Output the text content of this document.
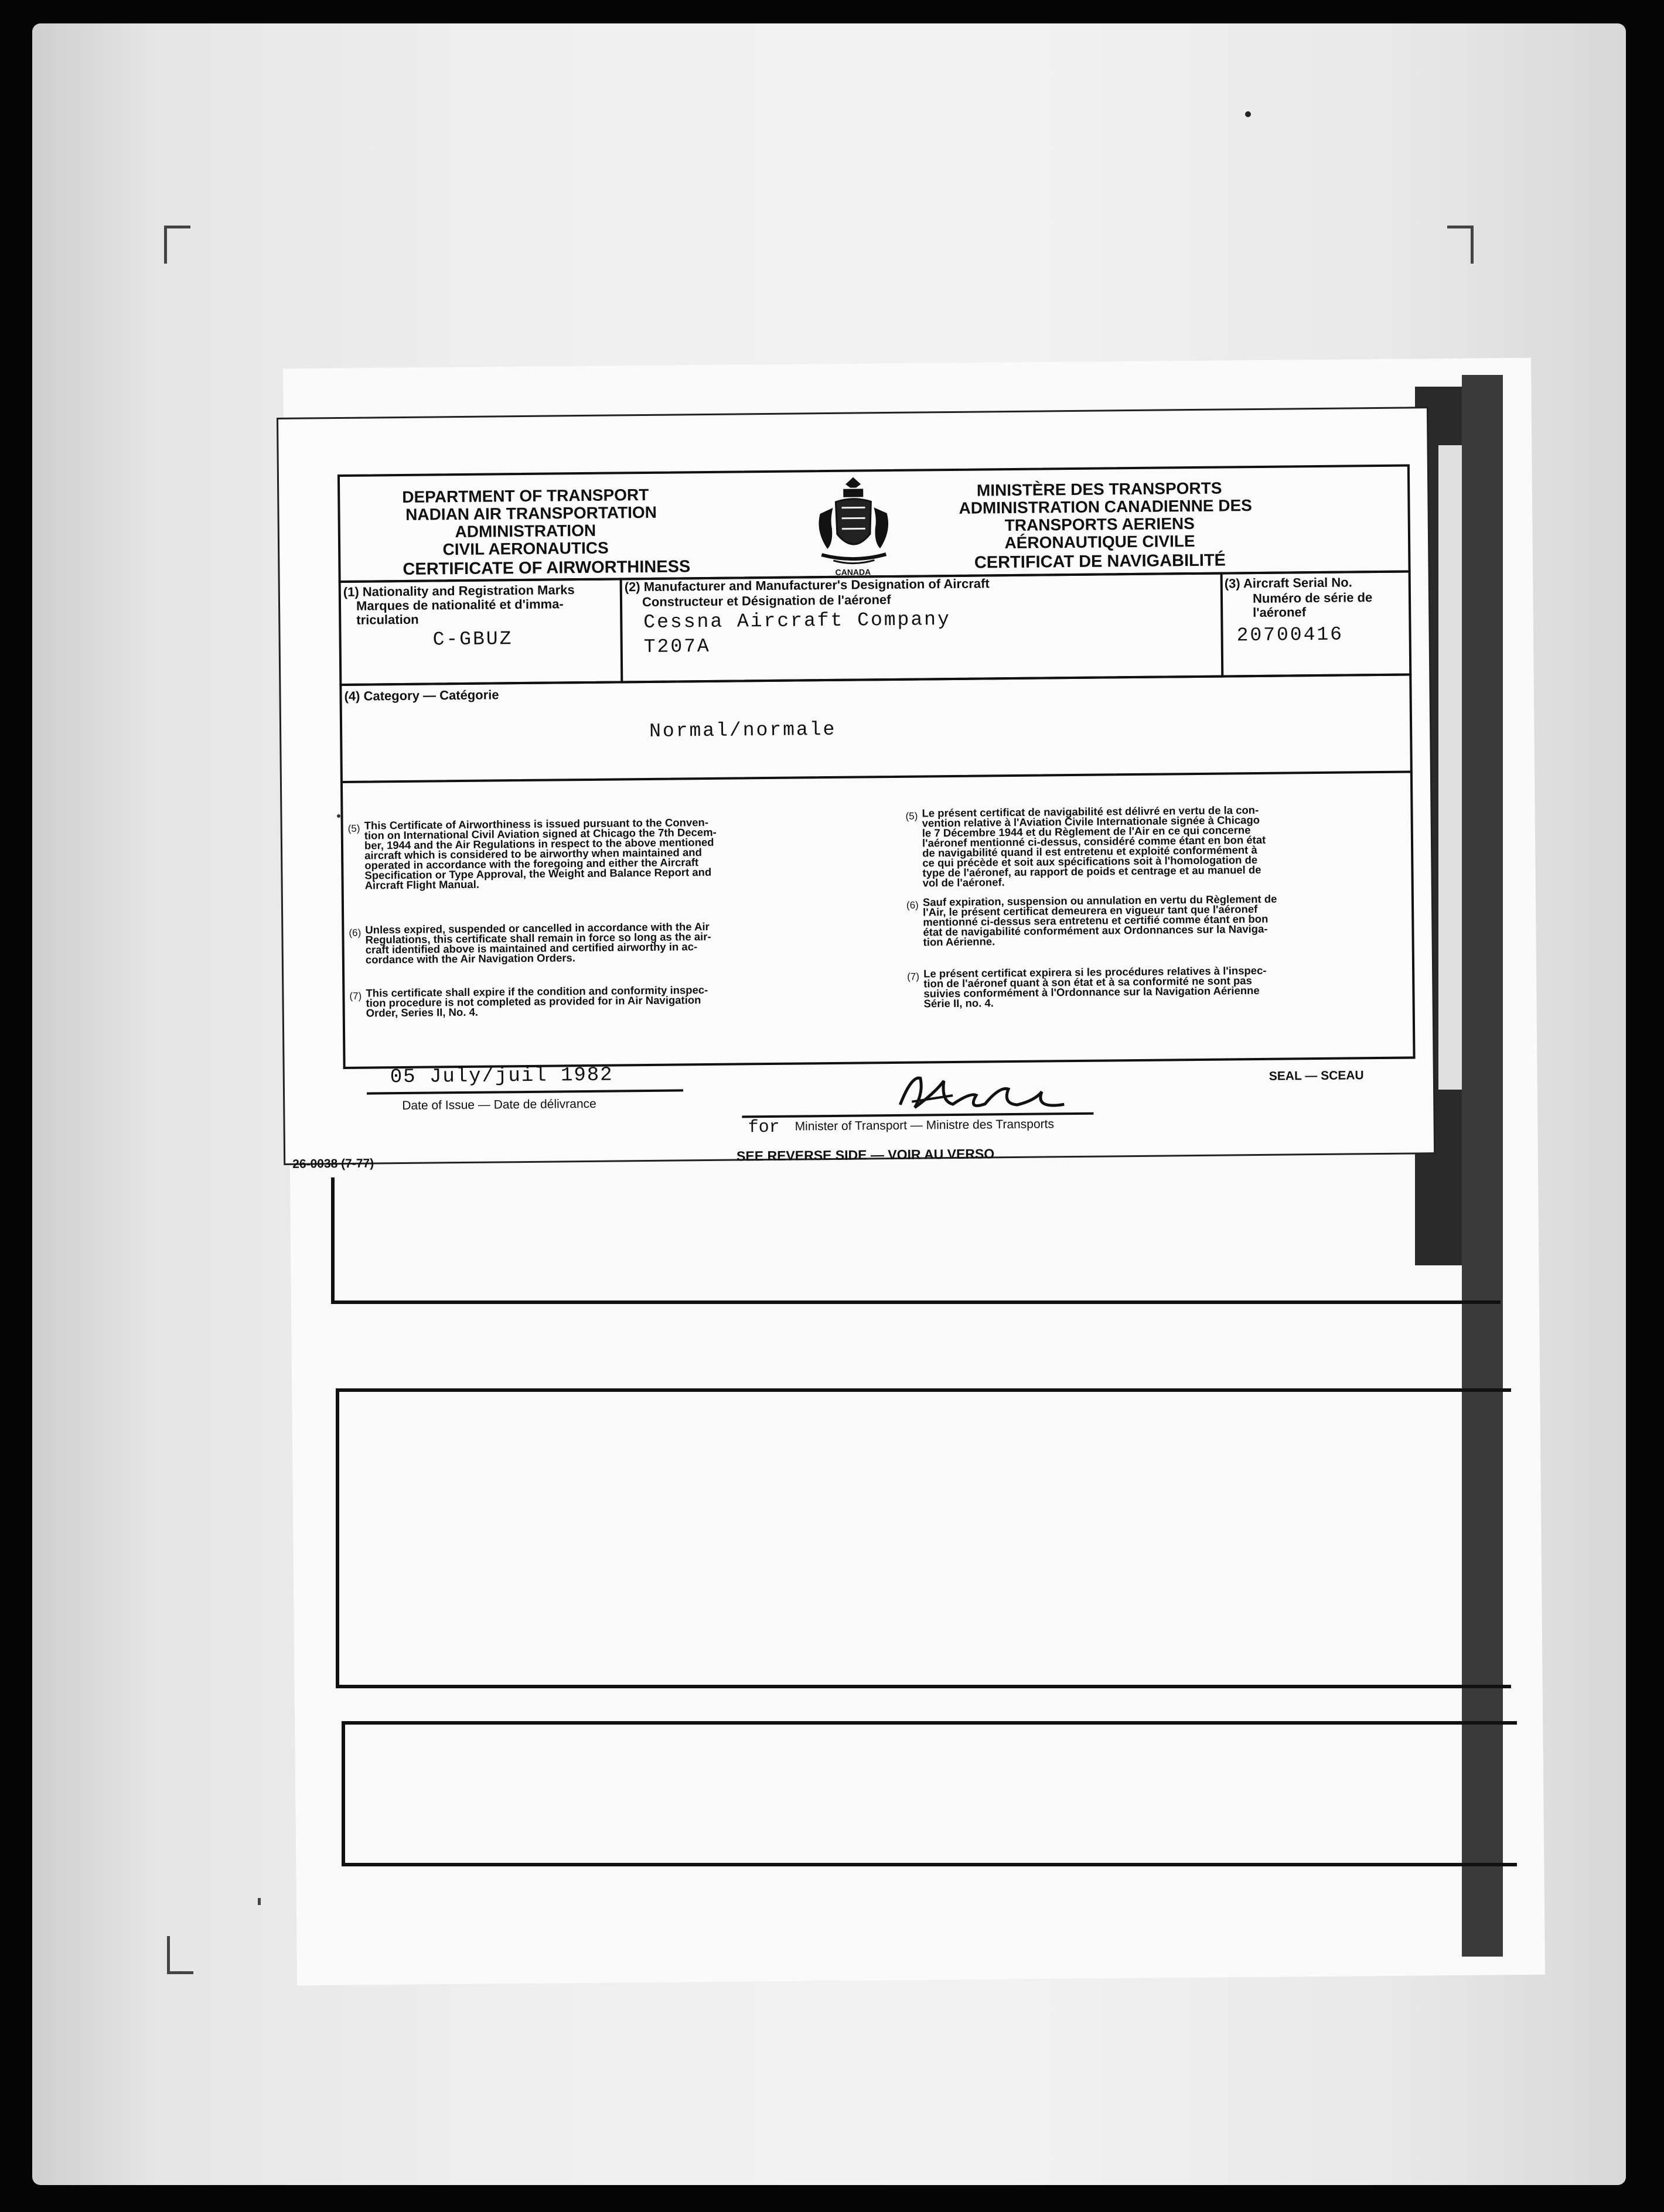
DEPARTMENT OF TRANSPORT
NADIAN AIR TRANSPORTATION
ADMINISTRATION
CIVIL AERONAUTICS
CERTIFICATE OF AIRWORTHINESS	CANADA
MINISTÈRE DES TRANSPORTS
ADMINISTRATION CANADIENNE DES
TRANSPORTS AERIENS
AÉRONAUTIQUE CIVILE
CERTIFICAT DE NAVIGABILITÉ
(1) Nationality and Registration Marks
Marques de nationalité et d'imma-
triculation
C-GBUZ
(2) Manufacturer and Manufacturer's Designation of Aircraft
Constructeur et Désignation de l'aéronef
Cessna Aircraft Company
T207A
(3) Aircraft Serial No.
Numéro de série de
l'aéronef
20700416
(4) Category — Catégorie
Normal/normale
(5) This Certificate of Airworthiness is issued pursuant to the Conven-
tion on International Civil Aviation signed at Chicago the 7th Decem-
ber, 1944 and the Air Regulations in respect to the above mentioned
aircraft which is considered to be airworthy when maintained and
operated in accordance with the foregoing and either the Aircraft
Specification or Type Approval, the Weight and Balance Report and
Aircraft Flight Manual.
(6) Unless expired, suspended or cancelled in accordance with the Air
Regulations, this certificate shall remain in force so long as the air-
craft identified above is maintained and certified airworthy in ac-
cordance with the Air Navigation Orders.
(7) This certificate shall expire if the condition and conformity inspec-
tion procedure is not completed as provided for in Air Navigation
Order, Series II, No. 4.
(5) Le présent certificat de navigabilité est délivré en vertu de la con-
vention relative à l'Aviation Civile Internationale signée à Chicago
le 7 Décembre 1944 et du Règlement de l'Air en ce qui concerne
l'aéronef mentionné ci-dessus, considéré comme étant en bon état
de navigabilité quand il est entretenu et exploité conformément à
ce qui précède et soit aux spécifications soit à l'homologation de
type de l'aéronef, au rapport de poids et centrage et au manuel de
vol de l'aéronef.
(6) Sauf expiration, suspension ou annulation en vertu du Règlement de
l'Air, le présent certificat demeurera en vigueur tant que l'aéronef
mentionné ci-dessus sera entretenu et certifié comme étant en bon
état de navigabilité conformément aux Ordonnances sur la Naviga-
tion Aérienne.
(7) Le présent certificat expirera si les procédures relatives à l'inspec-
tion de l'aéronef quant à son état et à sa conformité ne sont pas
suivies conformément à l'Ordonnance sur la Navigation Aérienne
Série II, no. 4.
05 July/juil 1982
Date of Issue — Date de délivrance
SEAL — SCEAU
for Minister of Transport — Ministre des Transports
26-0038 (7-77)
SEE REVERSE SIDE — VOIR AU VERSO
